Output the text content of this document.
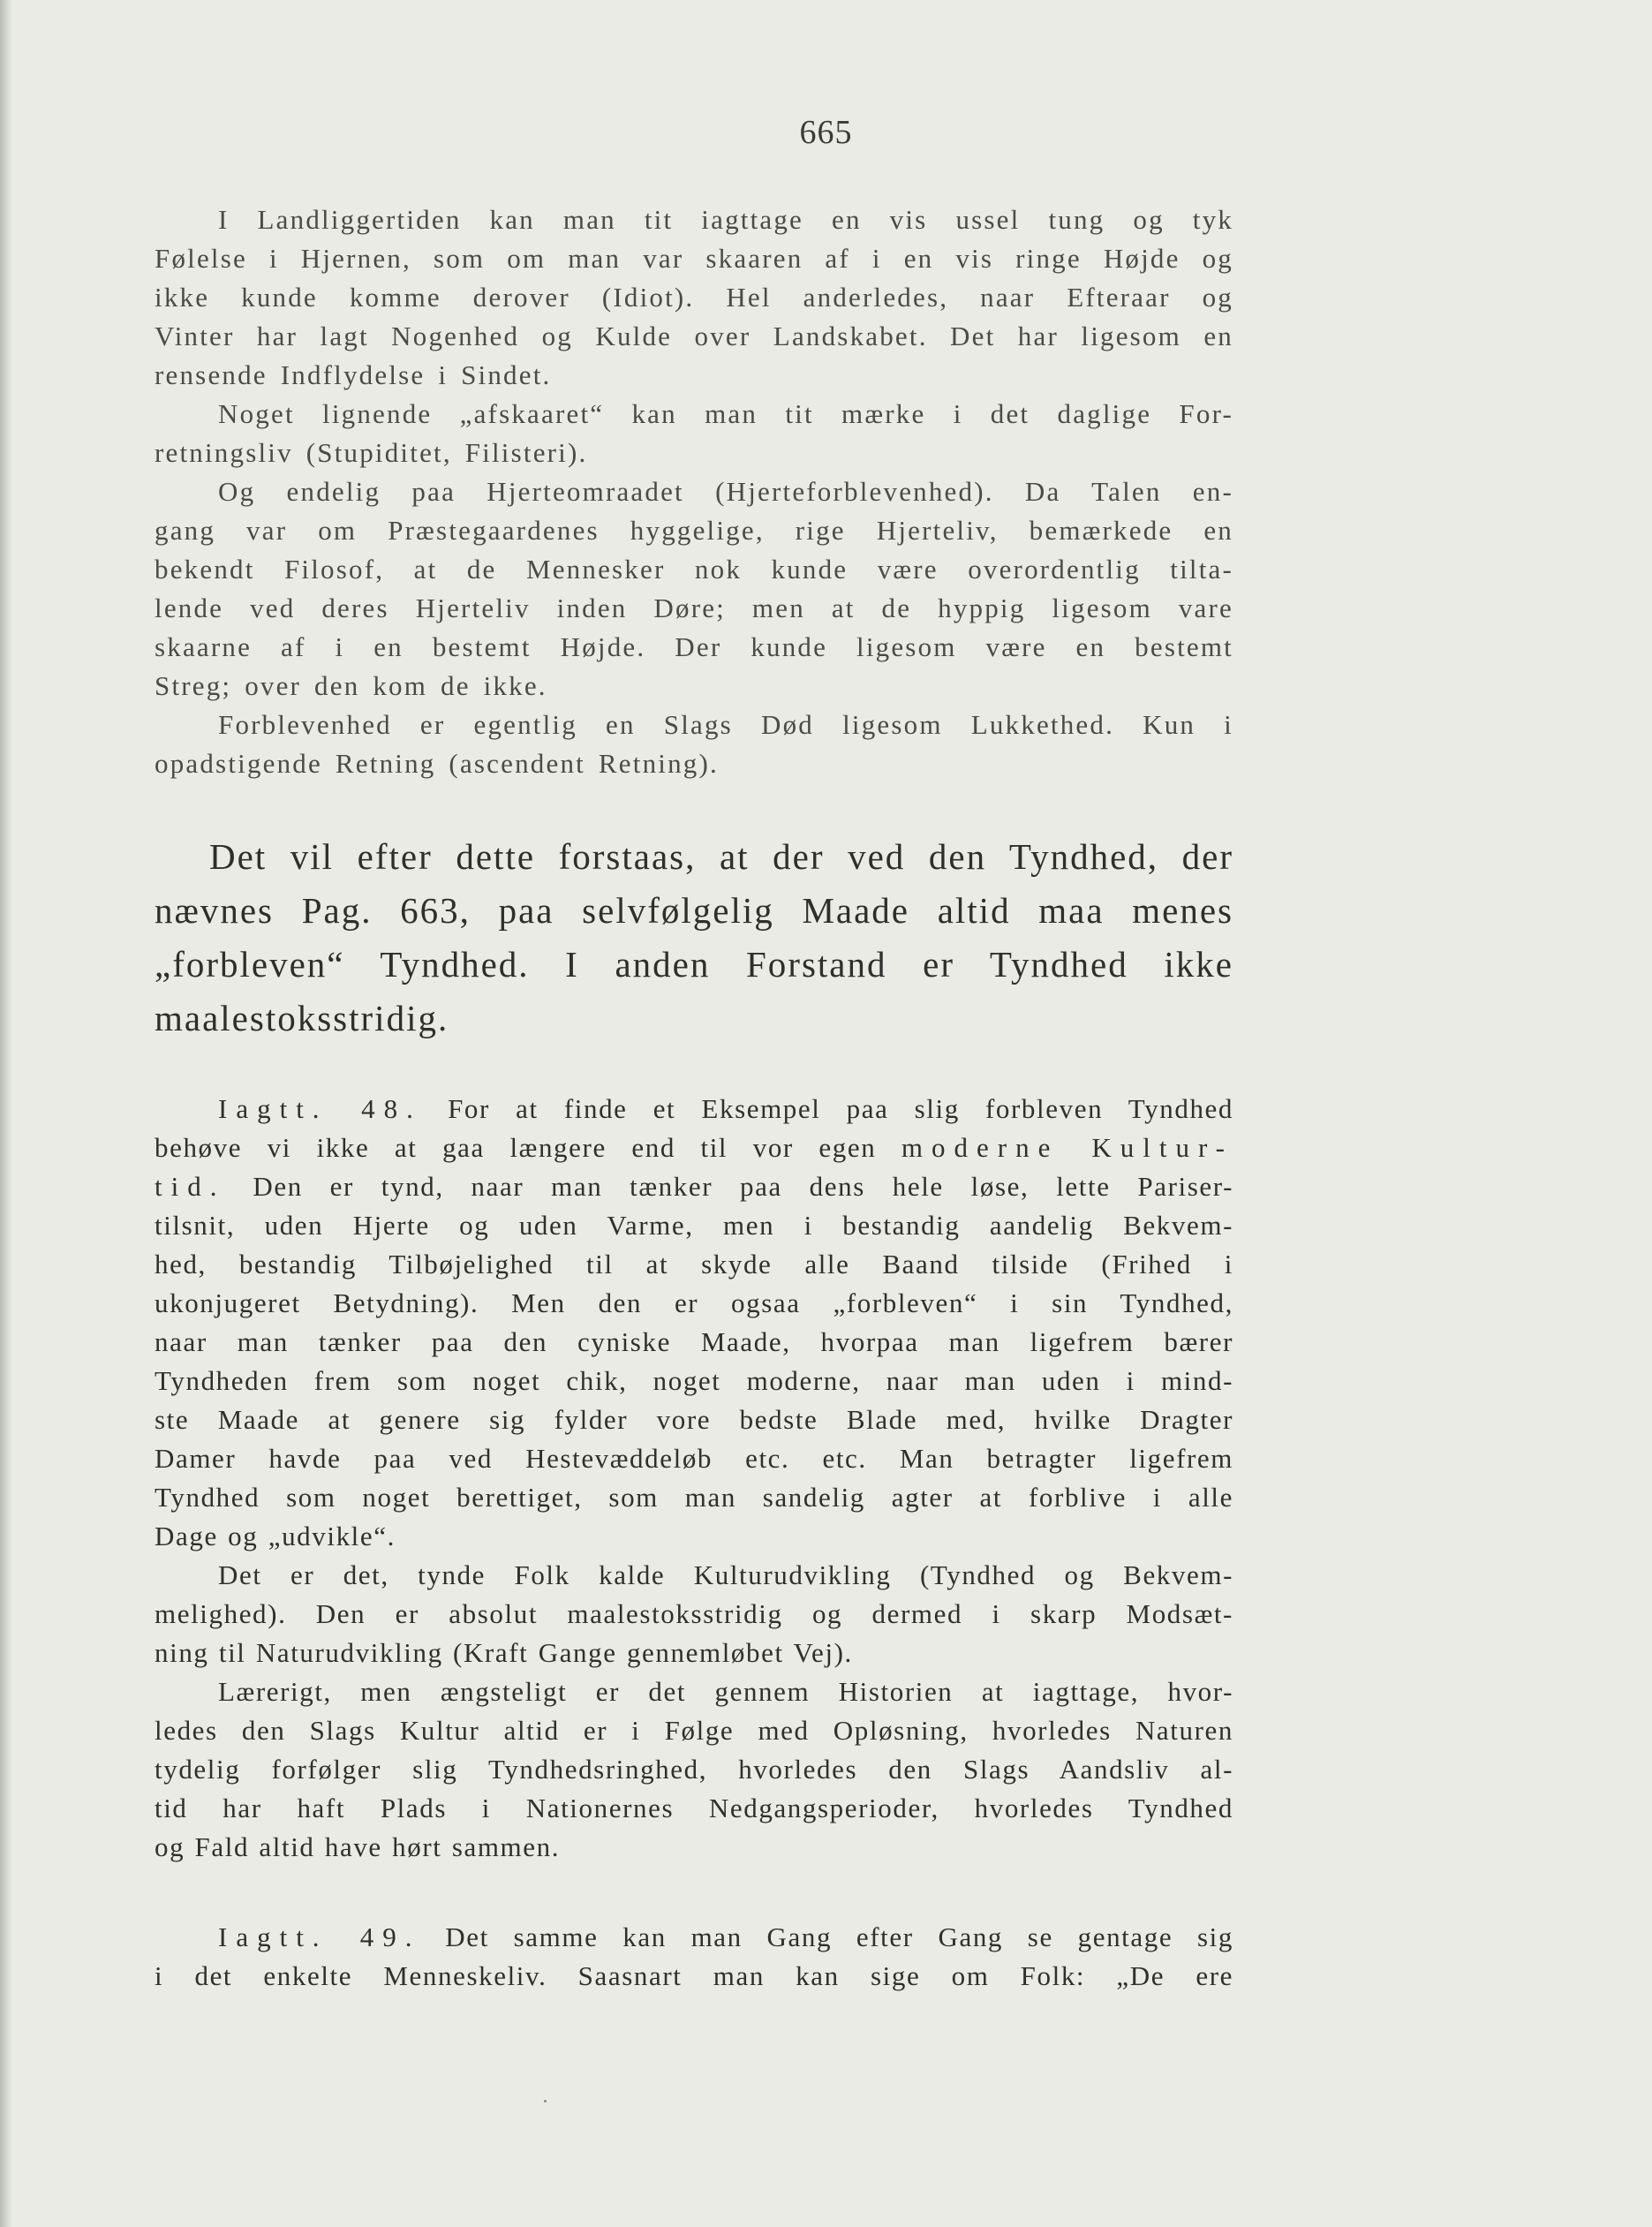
665
I Landliggertiden kan man tit iagttage en vis ussel tung og tyk
Følelse i Hjernen, som om man var skaaren af i en vis ringe Højde og
ikke kunde komme derover (Idiot). Hel anderledes, naar Efteraar og
Vinter har lagt Nogenhed og Kulde over Landskabet. Det har ligesom en
rensende Indflydelse i Sindet.
Noget lignende „afskaaret“ kan man tit mærke i det daglige For-
retningsliv (Stupiditet, Filisteri).
Og endelig paa Hjerteomraadet (Hjerteforblevenhed). Da Talen en-
gang var om Præstegaardenes hyggelige, rige Hjerteliv, bemærkede en
bekendt Filosof, at de Mennesker nok kunde være overordentlig tilta-
lende ved deres Hjerteliv inden Døre; men at de hyppig ligesom vare
skaarne af i en bestemt Højde. Der kunde ligesom være en bestemt
Streg; over den kom de ikke.
Forblevenhed er egentlig en Slags Død ligesom Lukkethed. Kun i
opadstigende Retning (ascendent Retning).
Det vil efter dette forstaas, at der ved den Tyndhed, der
nævnes Pag. 663, paa selvfølgelig Maade altid maa menes
„forbleven“ Tyndhed. I anden Forstand er Tyndhed ikke
maalestoksstridig.
Iagtt. 48. For at finde et Eksempel paa slig forbleven Tyndhed
behøve vi ikke at gaa længere end til vor egen moderne Kultur-
tid. Den er tynd, naar man tænker paa dens hele løse, lette Pariser-
tilsnit, uden Hjerte og uden Varme, men i bestandig aandelig Bekvem-
hed, bestandig Tilbøjelighed til at skyde alle Baand tilside (Frihed i
ukonjugeret Betydning). Men den er ogsaa „forbleven“ i sin Tyndhed,
naar man tænker paa den cyniske Maade, hvorpaa man ligefrem bærer
Tyndheden frem som noget chik, noget moderne, naar man uden i mind-
ste Maade at genere sig fylder vore bedste Blade med, hvilke Dragter
Damer havde paa ved Hestevæddeløb etc. etc. Man betragter ligefrem
Tyndhed som noget berettiget, som man sandelig agter at forblive i alle
Dage og „udvikle“.
Det er det, tynde Folk kalde Kulturudvikling (Tyndhed og Bekvem-
melighed). Den er absolut maalestoksstridig og dermed i skarp Modsæt-
ning til Naturudvikling (Kraft Gange gennemløbet Vej).
Lærerigt, men ængsteligt er det gennem Historien at iagttage, hvor-
ledes den Slags Kultur altid er i Følge med Opløsning, hvorledes Naturen
tydelig forfølger slig Tyndhedsringhed, hvorledes den Slags Aandsliv al-
tid har haft Plads i Nationernes Nedgangsperioder, hvorledes Tyndhed
og Fald altid have hørt sammen.
Iagtt. 49. Det samme kan man Gang efter Gang se gentage sig
i det enkelte Menneskeliv. Saasnart man kan sige om Folk: „De ere
